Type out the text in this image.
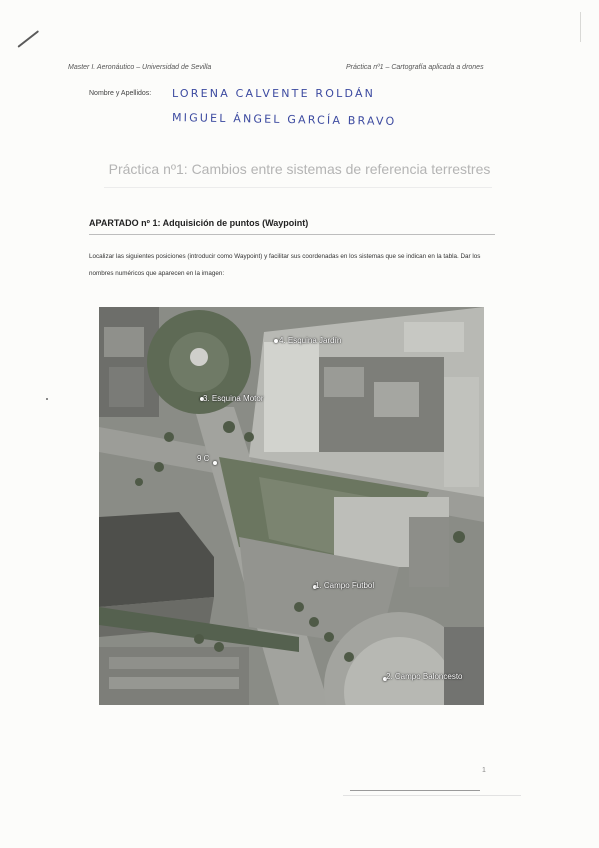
Master I. Aeronáutico – Universidad de Sevilla	Práctica nº1 – Cartografía aplicada a drones
Nombre y Apellidos: LORENA CALVENTE ROLDÁN
MIGUEL ÁNGEL GARCÍA BRAVO
Práctica nº1: Cambios entre sistemas de referencia terrestres
APARTADO nº 1: Adquisición de puntos (Waypoint)
Localizar las siguientes posiciones (introducir como Waypoint) y facilitar sus coordenadas en los sistemas que se indican en la tabla. Dar los nombres numéricos que aparecen en la imagen:
4. Esquina Jardín
3. Esquina Motor
9 C
1. Campo Futbol
2. Campo Baloncesto
1
